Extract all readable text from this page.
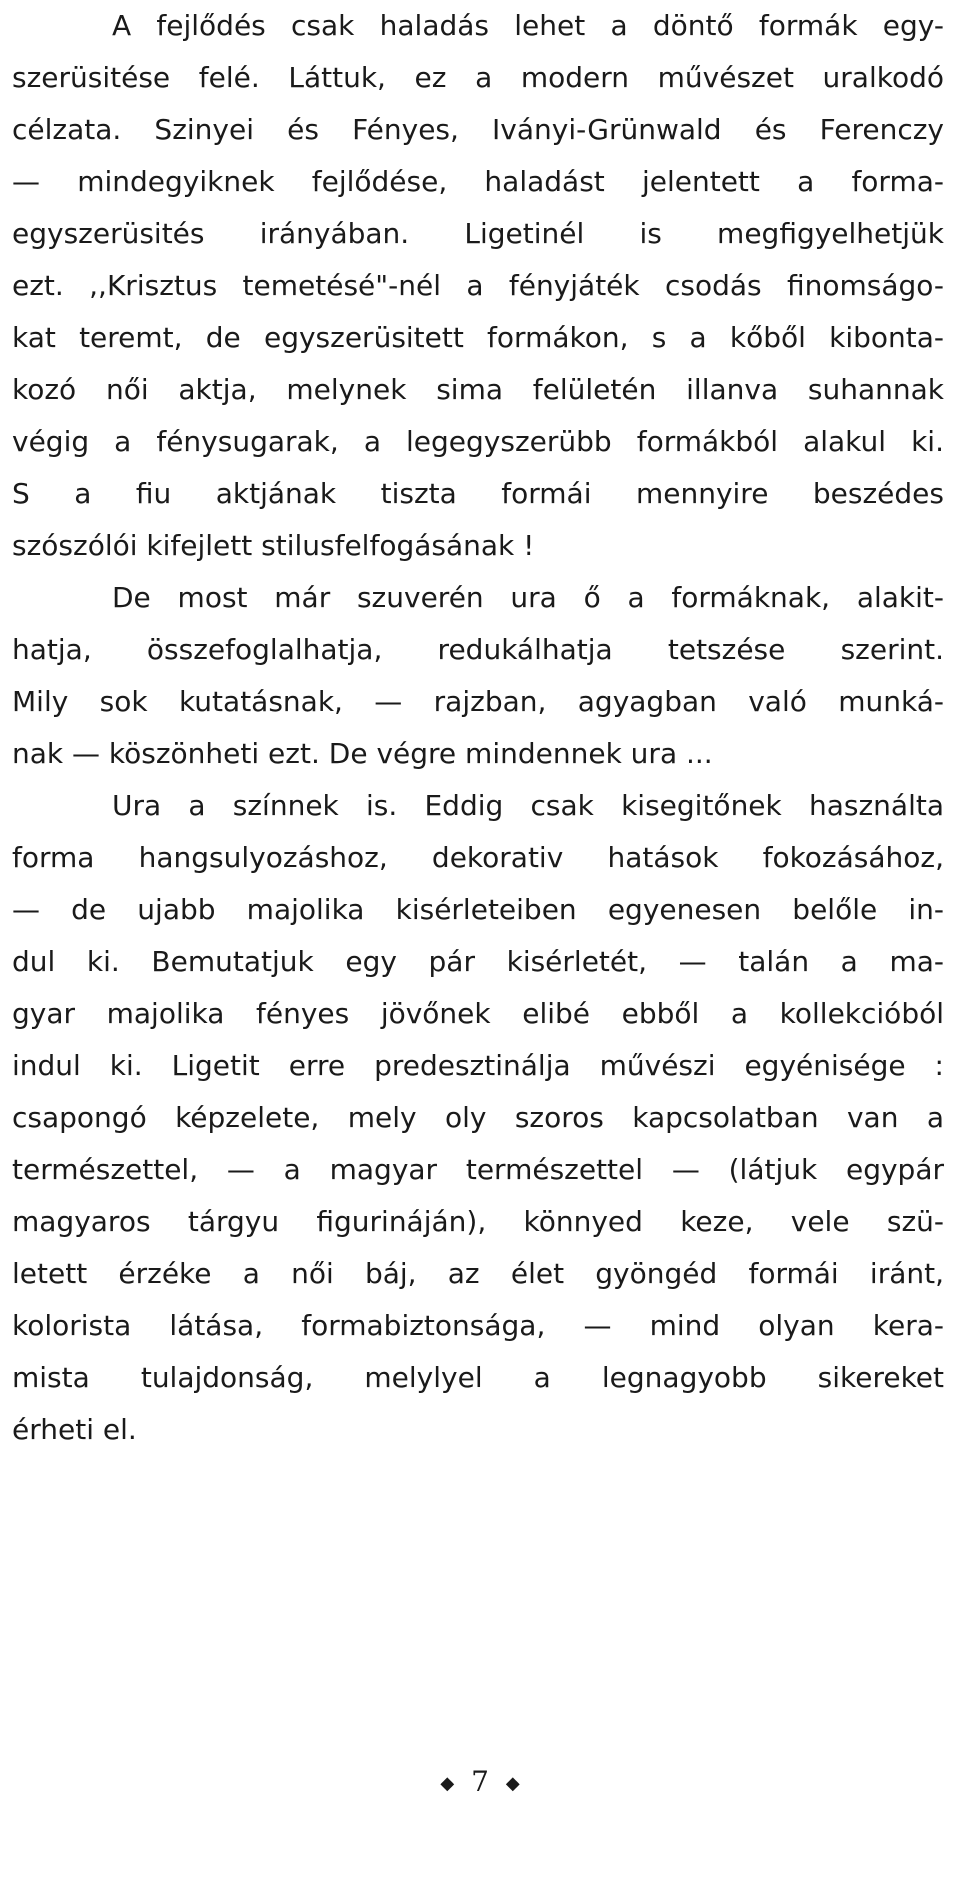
A fejlődés csak haladás lehet a döntő formák egy-
szerüsitése felé. Láttuk, ez a modern művészet uralkodó
célzata. Szinyei és Fényes, Iványi-Grünwald és Ferenczy
— mindegyiknek fejlődése, haladást jelentett a forma-
egyszerüsités irányában. Ligetinél is megfigyelhetjük
ezt. ,,Krisztus temetésé"-nél a fényjáték csodás finomságo-
kat teremt, de egyszerüsitett formákon, s a kőből kibonta-
kozó női aktja, melynek sima felületén illanva suhannak
végig a fénysugarak, a legegyszerübb formákból alakul ki.
S a fiu aktjának tiszta formái mennyire beszédes
szószólói kifejlett stilusfelfogásának !
De most már szuverén ura ő a formáknak, alakit-
hatja, összefoglalhatja, redukálhatja tetszése szerint.
Mily sok kutatásnak, — rajzban, agyagban való munká-
nak — köszönheti ezt. De végre mindennek ura ...
Ura a színnek is. Eddig csak kisegitőnek használta
forma hangsulyozáshoz, dekorativ hatások fokozásához,
— de ujabb majolika kisérleteiben egyenesen belőle in-
dul ki. Bemutatjuk egy pár kisérletét, — talán a ma-
gyar majolika fényes jövőnek elibé ebből a kollekcióból
indul ki. Ligetit erre predesztinálja művészi egyénisége :
csapongó képzelete, mely oly szoros kapcsolatban van a
természettel, — a magyar természettel — (látjuk egypár
magyaros tárgyu figurináján), könnyed keze, vele szü-
letett érzéke a női báj, az élet gyöngéd formái iránt,
kolorista látása, formabiztonsága, — mind olyan kera-
mista tulajdonság, melylyel a legnagyobb sikereket
érheti el.
◆ 7 ◆
